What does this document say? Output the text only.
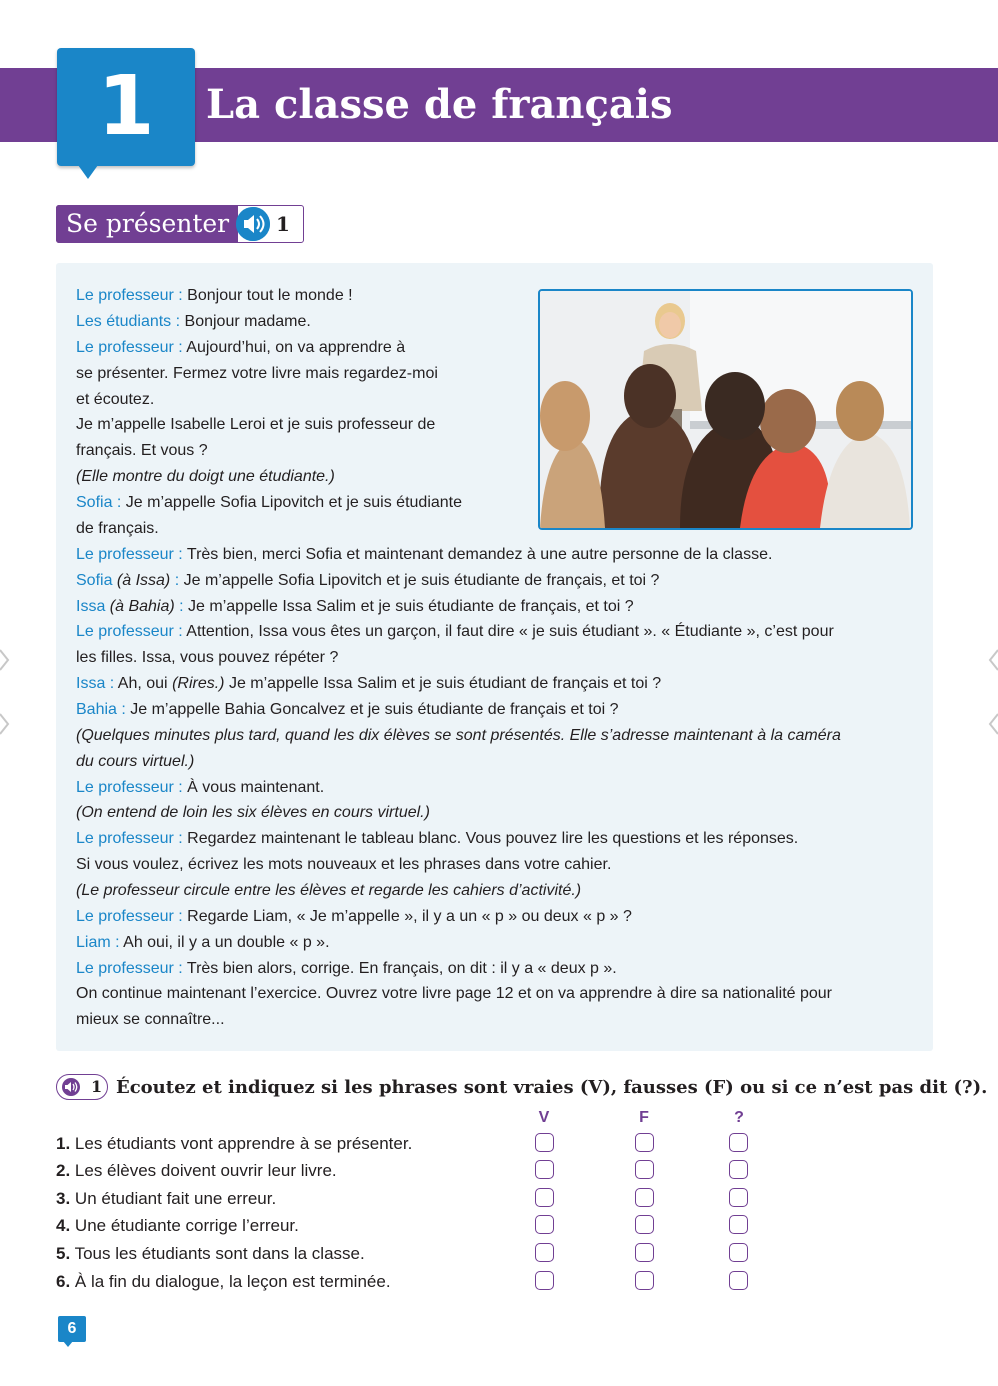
1	La classe de français
Se présenter 1
Le professeur : Bonjour tout le monde !
Les étudiants : Bonjour madame.
Le professeur : Aujourd’hui, on va apprendre à
se présenter. Fermez votre livre mais regardez-moi
et écoutez.
Je m’appelle Isabelle Leroi et je suis professeur de
français. Et vous ?
(Elle montre du doigt une étudiante.)
Sofia : Je m’appelle Sofia Lipovitch et je suis étudiante
de français.
Le professeur : Très bien, merci Sofia et maintenant demandez à une autre personne de la classe.
Sofia (à Issa) : Je m’appelle Sofia Lipovitch et je suis étudiante de français, et toi ?
Issa (à Bahia) : Je m’appelle Issa Salim et je suis étudiante de français, et toi ?
Le professeur : Attention, Issa vous êtes un garçon, il faut dire « je suis étudiant ». « Étudiante », c’est pour
les filles. Issa, vous pouvez répéter ?
Issa : Ah, oui (Rires.) Je m’appelle Issa Salim et je suis étudiant de français et toi ?
Bahia : Je m’appelle Bahia Goncalvez et je suis étudiante de français et toi ?
(Quelques minutes plus tard, quand les dix élèves se sont présentés. Elle s’adresse maintenant à la caméra
du cours virtuel.)
Le professeur : À vous maintenant.
(On entend de loin les six élèves en cours virtuel.)
Le professeur : Regardez maintenant le tableau blanc. Vous pouvez lire les questions et les réponses.
Si vous voulez, écrivez les mots nouveaux et les phrases dans votre cahier.
(Le professeur circule entre les élèves et regarde les cahiers d’activité.)
Le professeur : Regarde Liam, « Je m’appelle », il y a un « p » ou deux « p » ?
Liam : Ah oui, il y a un double « p ».
Le professeur : Très bien alors, corrige. En français, on dit : il y a « deux p ».
On continue maintenant l’exercice. Ouvrez votre livre page 12 et on va apprendre à dire sa nationalité pour
mieux se connaître...
1 Écoutez et indiquez si les phrases sont vraies (V), fausses (F) ou si ce n’est pas dit (?).
V	F	?
1. Les étudiants vont apprendre à se présenter.
2. Les élèves doivent ouvrir leur livre.
3. Un étudiant fait une erreur.
4. Une étudiante corrige l’erreur.
5. Tous les étudiants sont dans la classe.
6. À la fin du dialogue, la leçon est terminée.
6
